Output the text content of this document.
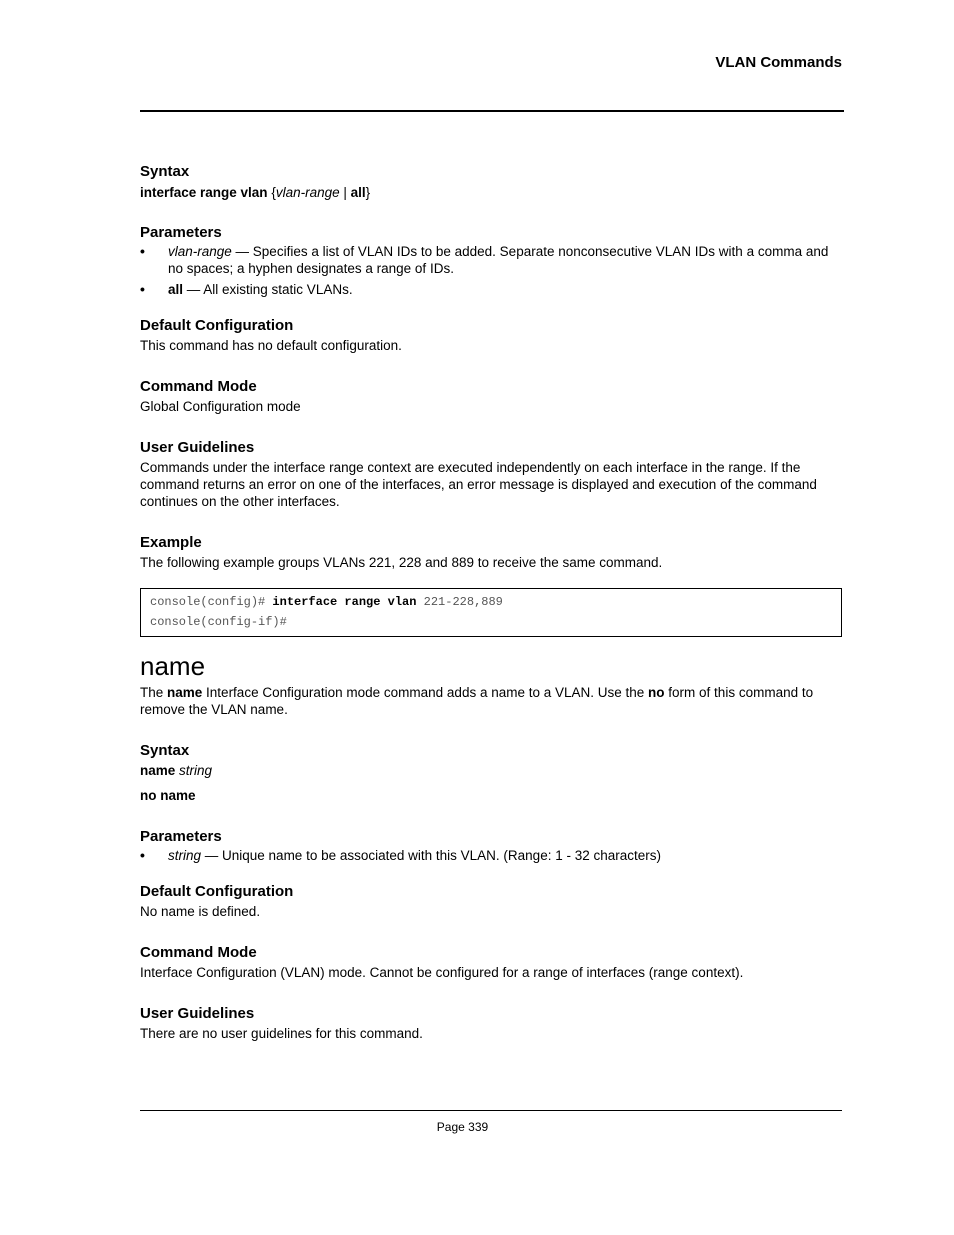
VLAN Commands

Syntax

interface range vlan {vlan-range | all}

Parameters

• vlan-range — Specifies a list of VLAN IDs to be added. Separate nonconsecutive VLAN IDs with a comma and no spaces; a hyphen designates a range of IDs.
• all — All existing static VLANs.

Default Configuration

This command has no default configuration.

Command Mode

Global Configuration mode

User Guidelines

Commands under the interface range context are executed independently on each interface in the range. If the command returns an error on one of the interfaces, an error message is displayed and execution of the command continues on the other interfaces.

Example

The following example groups VLANs 221, 228 and 889 to receive the same command.

console(config)# interface range vlan 221-228,889
console(config-if)#
name

The name Interface Configuration mode command adds a name to a VLAN. Use the no form of this command to remove the VLAN name.

Syntax

name string

no name

Parameters

• string — Unique name to be associated with this VLAN. (Range: 1 - 32 characters)

Default Configuration

No name is defined.

Command Mode

Interface Configuration (VLAN) mode. Cannot be configured for a range of interfaces (range context).

User Guidelines

There are no user guidelines for this command.

Page 339
